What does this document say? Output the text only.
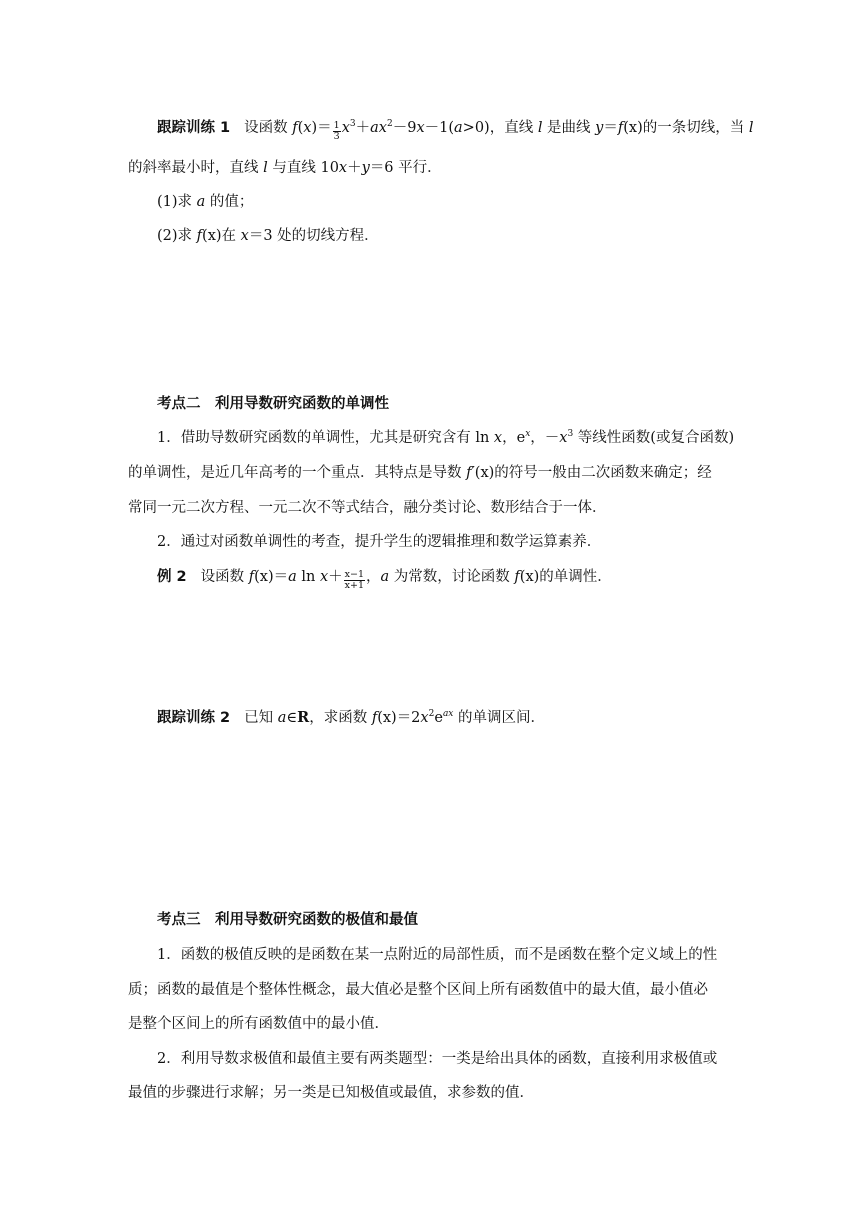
跟踪训练 1 设函数 $f(x)= \frac{1}{3} x^3+ax^2-9x-1(a>0)$，直线 l 是曲线 y＝f(x)的一条切线，当 l
的斜率最小时，直线 l 与直线 10x＋y＝6 平行．
(1)求 a 的值；
(2)求 f(x)在 x＝3 处的切线方程．
考点二　利用导数研究函数的单调性
1．借助导数研究函数的单调性，尤其是研究含有 ln x，$e^x$，$-x^3$ 等线性函数(或复合函数)
的单调性，是近几年高考的一个重点．其特点是导数 f′(x)的符号一般由二次函数来确定；经
常同一元二次方程、一元二次不等式结合，融分类讨论、数形结合于一体．
2．通过对函数单调性的考查，提升学生的逻辑推理和数学运算素养．
例 2 设函数 f(x)＝a $\ln x+ \frac{x-1}{x+1}$ ，a 为常数，讨论函数 f(x)的单调性．
跟踪训练 2 已知 a∈R，求函数 $f(x)=2x^2e^{ax}$ 的单调区间．
考点三　利用导数研究函数的极值和最值
1．函数的极值反映的是函数在某一点附近的局部性质，而不是函数在整个定义域上的性
质；函数的最值是个整体性概念，最大值必是整个区间上所有函数值中的最大值，最小值必
是整个区间上的所有函数值中的最小值．
2．利用导数求极值和最值主要有两类题型：一类是给出具体的函数，直接利用求极值或
最值的步骤进行求解；另一类是已知极值或最值，求参数的值．
